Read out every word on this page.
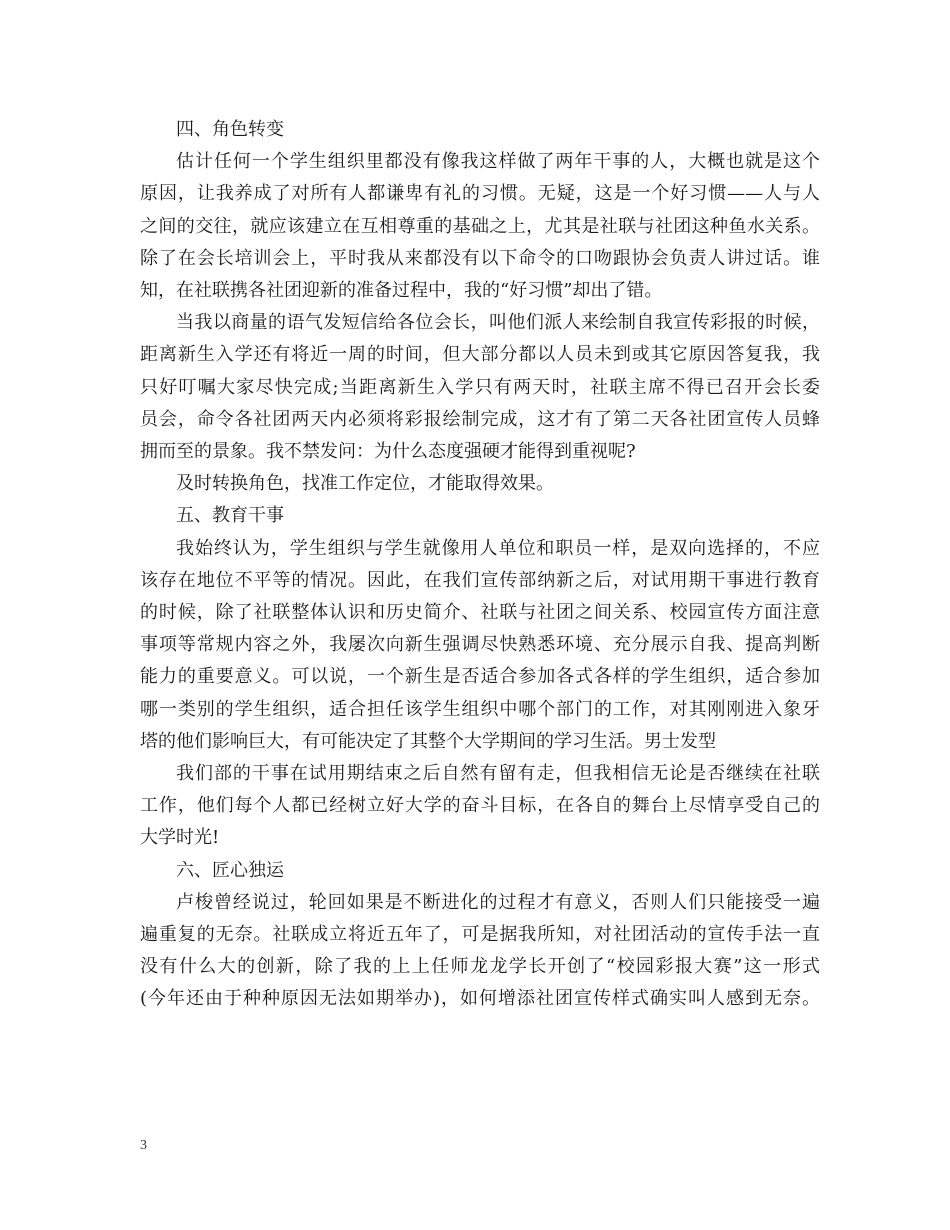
四、角色转变
估计任何一个学生组织里都没有像我这样做了两年干事的人，大概也就是这个
原因，让我养成了对所有人都谦卑有礼的习惯。无疑，这是一个好习惯——人与人
之间的交往，就应该建立在互相尊重的基础之上，尤其是社联与社团这种鱼水关系。
除了在会长培训会上，平时我从来都没有以下命令的口吻跟协会负责人讲过话。谁
知，在社联携各社团迎新的准备过程中，我的“好习惯”却出了错。
当我以商量的语气发短信给各位会长，叫他们派人来绘制自我宣传彩报的时候，
距离新生入学还有将近一周的时间，但大部分都以人员未到或其它原因答复我，我
只好叮嘱大家尽快完成;当距离新生入学只有两天时，社联主席不得已召开会长委
员会，命令各社团两天内必须将彩报绘制完成，这才有了第二天各社团宣传人员蜂
拥而至的景象。我不禁发问：为什么态度强硬才能得到重视呢?
及时转换角色，找准工作定位，才能取得效果。
五、教育干事
我始终认为，学生组织与学生就像用人单位和职员一样，是双向选择的，不应
该存在地位不平等的情况。因此，在我们宣传部纳新之后，对试用期干事进行教育
的时候，除了社联整体认识和历史简介、社联与社团之间关系、校园宣传方面注意
事项等常规内容之外，我屡次向新生强调尽快熟悉环境、充分展示自我、提高判断
能力的重要意义。可以说，一个新生是否适合参加各式各样的学生组织，适合参加
哪一类别的学生组织，适合担任该学生组织中哪个部门的工作，对其刚刚进入象牙
塔的他们影响巨大，有可能决定了其整个大学期间的学习生活。男士发型
我们部的干事在试用期结束之后自然有留有走，但我相信无论是否继续在社联
工作，他们每个人都已经树立好大学的奋斗目标，在各自的舞台上尽情享受自己的
大学时光!
六、匠心独运
卢梭曾经说过，轮回如果是不断进化的过程才有意义，否则人们只能接受一遍
遍重复的无奈。社联成立将近五年了，可是据我所知，对社团活动的宣传手法一直
没有什么大的创新，除了我的上上任师龙龙学长开创了“校园彩报大赛”这一形式
(今年还由于种种原因无法如期举办)，如何增添社团宣传样式确实叫人感到无奈。
3
